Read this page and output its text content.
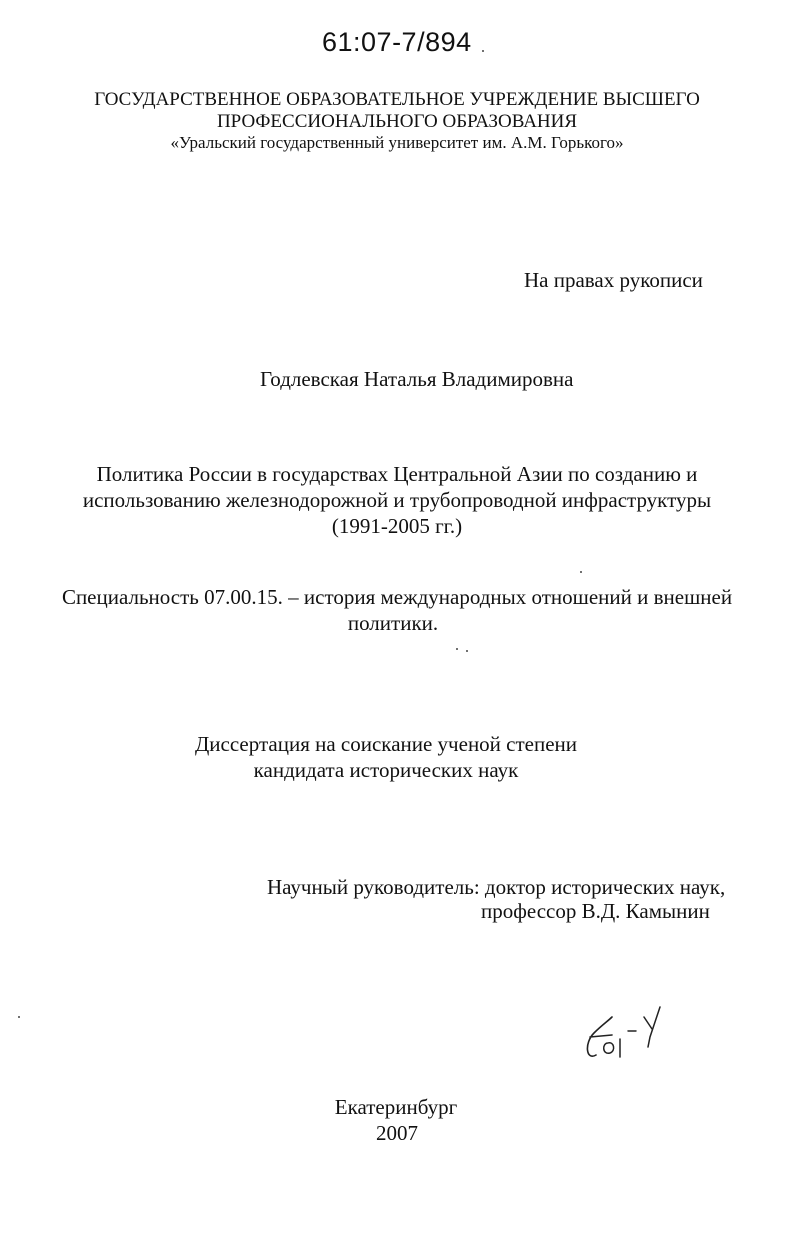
61:07-7/894
ГОСУДАРСТВЕННОЕ ОБРАЗОВАТЕЛЬНОЕ УЧРЕЖДЕНИЕ ВЫСШЕГО
ПРОФЕССИОНАЛЬНОГО ОБРАЗОВАНИЯ
«Уральский государственный университет им. А.М. Горького»
На правах рукописи
Годлевская Наталья Владимировна
Политика России в государствах Центральной Азии по созданию и
использованию железнодорожной и трубопроводной инфраструктуры
(1991-2005 гг.)
Специальность 07.00.15. – история международных отношений и внешней
политики.
Диссертация на соискание ученой степени
кандидата исторических наук
Научный руководитель: доктор исторических наук,
профессор В.Д. Камынин
Екатеринбург
2007
